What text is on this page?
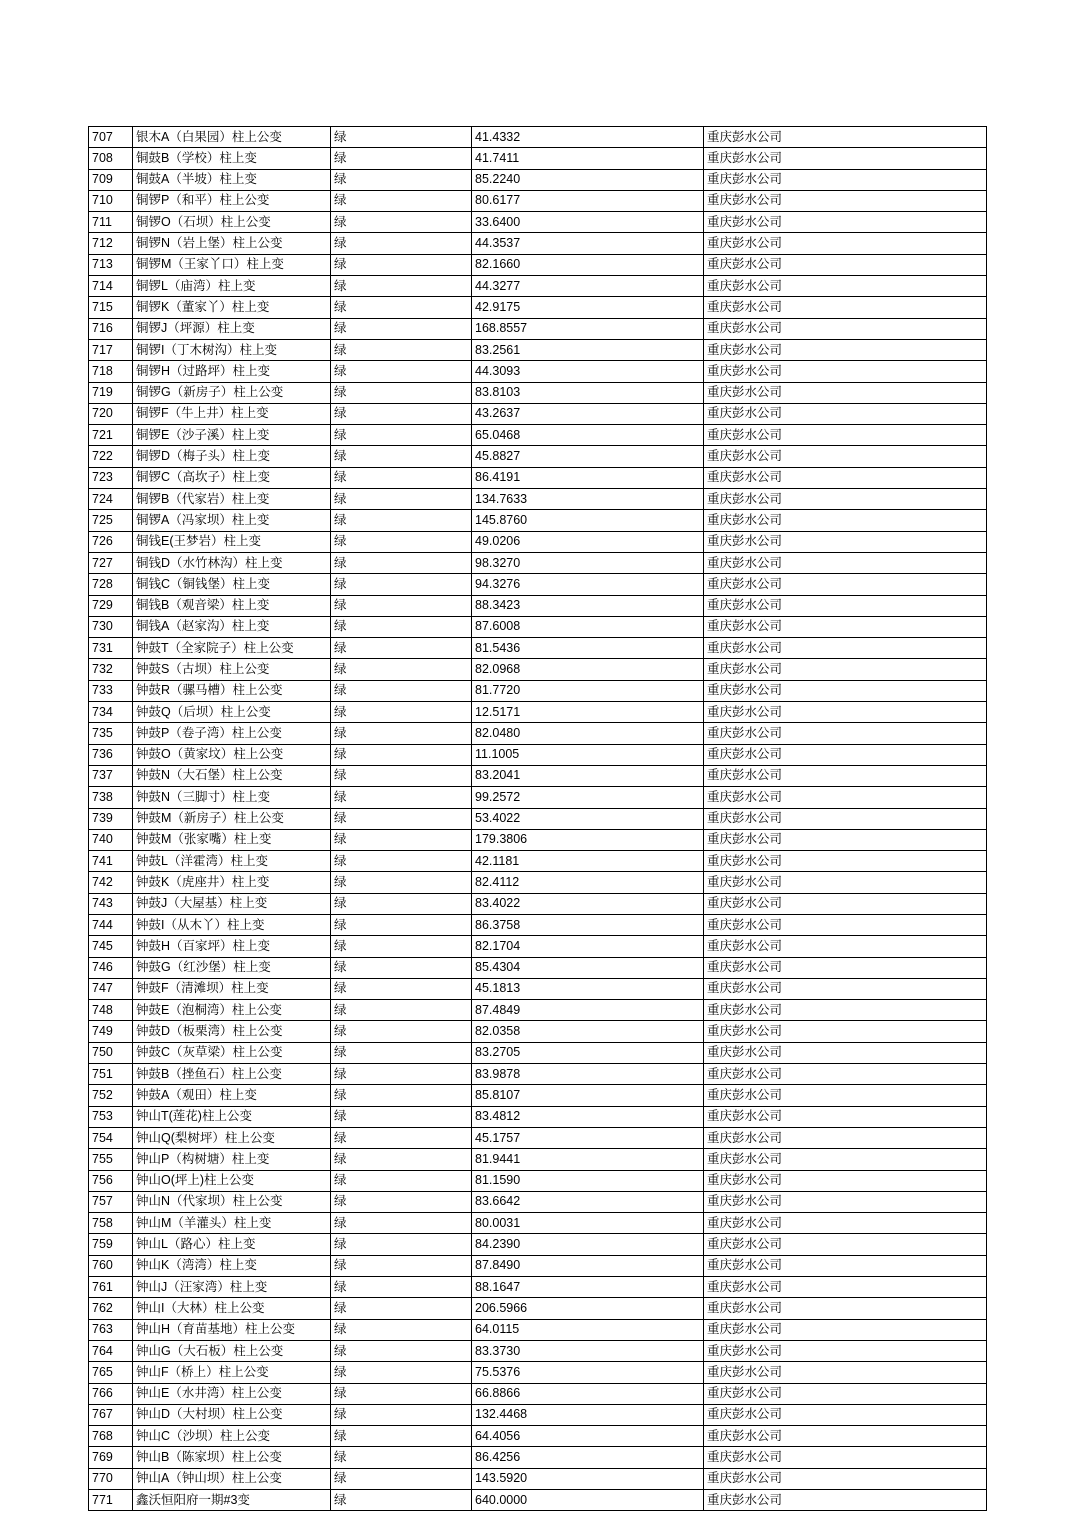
707	银木A（白果园）柱上公变	绿	41.4332	重庆彭水公司
708	铜鼓B（学校）柱上变	绿	41.7411	重庆彭水公司
709	铜鼓A（半坡）柱上变	绿	85.2240	重庆彭水公司
710	铜锣P（和平）柱上公变	绿	80.6177	重庆彭水公司
711	铜锣O（石坝）柱上公变	绿	33.6400	重庆彭水公司
712	铜锣N（岩上堡）柱上公变	绿	44.3537	重庆彭水公司
713	铜锣M（王家丫口）柱上变	绿	82.1660	重庆彭水公司
714	铜锣L（庙湾）柱上变	绿	44.3277	重庆彭水公司
715	铜锣K（董家丫）柱上变	绿	42.9175	重庆彭水公司
716	铜锣J（坪源）柱上变	绿	168.8557	重庆彭水公司
717	铜锣I（丁木树沟）柱上变	绿	83.2561	重庆彭水公司
718	铜锣H（过路坪）柱上变	绿	44.3093	重庆彭水公司
719	铜锣G（新房子）柱上公变	绿	83.8103	重庆彭水公司
720	铜锣F（牛上井）柱上变	绿	43.2637	重庆彭水公司
721	铜锣E（沙子溪）柱上变	绿	65.0468	重庆彭水公司
722	铜锣D（梅子头）柱上变	绿	45.8827	重庆彭水公司
723	铜锣C（高坎子）柱上变	绿	86.4191	重庆彭水公司
724	铜锣B（代家岩）柱上变	绿	134.7633	重庆彭水公司
725	铜锣A（冯家坝）柱上变	绿	145.8760	重庆彭水公司
726	铜钱E(王梦岩）柱上变	绿	49.0206	重庆彭水公司
727	铜钱D（水竹林沟）柱上变	绿	98.3270	重庆彭水公司
728	铜钱C（铜钱堡）柱上变	绿	94.3276	重庆彭水公司
729	铜钱B（观音梁）柱上变	绿	88.3423	重庆彭水公司
730	铜钱A（赵家沟）柱上变	绿	87.6008	重庆彭水公司
731	钟鼓T（全家院子）柱上公变	绿	81.5436	重庆彭水公司
732	钟鼓S（古坝）柱上公变	绿	82.0968	重庆彭水公司
733	钟鼓R（骡马槽）柱上公变	绿	81.7720	重庆彭水公司
734	钟鼓Q（后坝）柱上公变	绿	12.5171	重庆彭水公司
735	钟鼓P（卷子湾）柱上公变	绿	82.0480	重庆彭水公司
736	钟鼓O（黄家坟）柱上公变	绿	11.1005	重庆彭水公司
737	钟鼓N（大石堡）柱上公变	绿	83.2041	重庆彭水公司
738	钟鼓N（三脚寸）柱上变	绿	99.2572	重庆彭水公司
739	钟鼓M（新房子）柱上公变	绿	53.4022	重庆彭水公司
740	钟鼓M（张家嘴）柱上变	绿	179.3806	重庆彭水公司
741	钟鼓L（洋霍湾）柱上变	绿	42.1181	重庆彭水公司
742	钟鼓K（虎座井）柱上变	绿	82.4112	重庆彭水公司
743	钟鼓J（大屋基）柱上变	绿	83.4022	重庆彭水公司
744	钟鼓I（从木丫）柱上变	绿	86.3758	重庆彭水公司
745	钟鼓H（百家坪）柱上变	绿	82.1704	重庆彭水公司
746	钟鼓G（红沙堡）柱上变	绿	85.4304	重庆彭水公司
747	钟鼓F（清滩坝）柱上变	绿	45.1813	重庆彭水公司
748	钟鼓E（泡桐湾）柱上公变	绿	87.4849	重庆彭水公司
749	钟鼓D（板栗湾）柱上公变	绿	82.0358	重庆彭水公司
750	钟鼓C（灰草梁）柱上公变	绿	83.2705	重庆彭水公司
751	钟鼓B（挫鱼石）柱上公变	绿	83.9878	重庆彭水公司
752	钟鼓A（观田）柱上变	绿	85.8107	重庆彭水公司
753	钟山T(莲花)柱上公变	绿	83.4812	重庆彭水公司
754	钟山Q(梨树坪）柱上公变	绿	45.1757	重庆彭水公司
755	钟山P（构树塘）柱上变	绿	81.9441	重庆彭水公司
756	钟山O(坪上)柱上公变	绿	81.1590	重庆彭水公司
757	钟山N（代家坝）柱上公变	绿	83.6642	重庆彭水公司
758	钟山M（羊灌头）柱上变	绿	80.0031	重庆彭水公司
759	钟山L（路心）柱上变	绿	84.2390	重庆彭水公司
760	钟山K（湾湾）柱上变	绿	87.8490	重庆彭水公司
761	钟山J（汪家湾）柱上变	绿	88.1647	重庆彭水公司
762	钟山I（大林）柱上公变	绿	206.5966	重庆彭水公司
763	钟山H（育苗基地）柱上公变	绿	64.0115	重庆彭水公司
764	钟山G（大石板）柱上公变	绿	83.3730	重庆彭水公司
765	钟山F（桥上）柱上公变	绿	75.5376	重庆彭水公司
766	钟山E（水井湾）柱上公变	绿	66.8866	重庆彭水公司
767	钟山D（大村坝）柱上公变	绿	132.4468	重庆彭水公司
768	钟山C（沙坝）柱上公变	绿	64.4056	重庆彭水公司
769	钟山B（陈家坝）柱上公变	绿	86.4256	重庆彭水公司
770	钟山A（钟山坝）柱上公变	绿	143.5920	重庆彭水公司
771	鑫沃恒阳府一期#3变	绿	640.0000	重庆彭水公司
